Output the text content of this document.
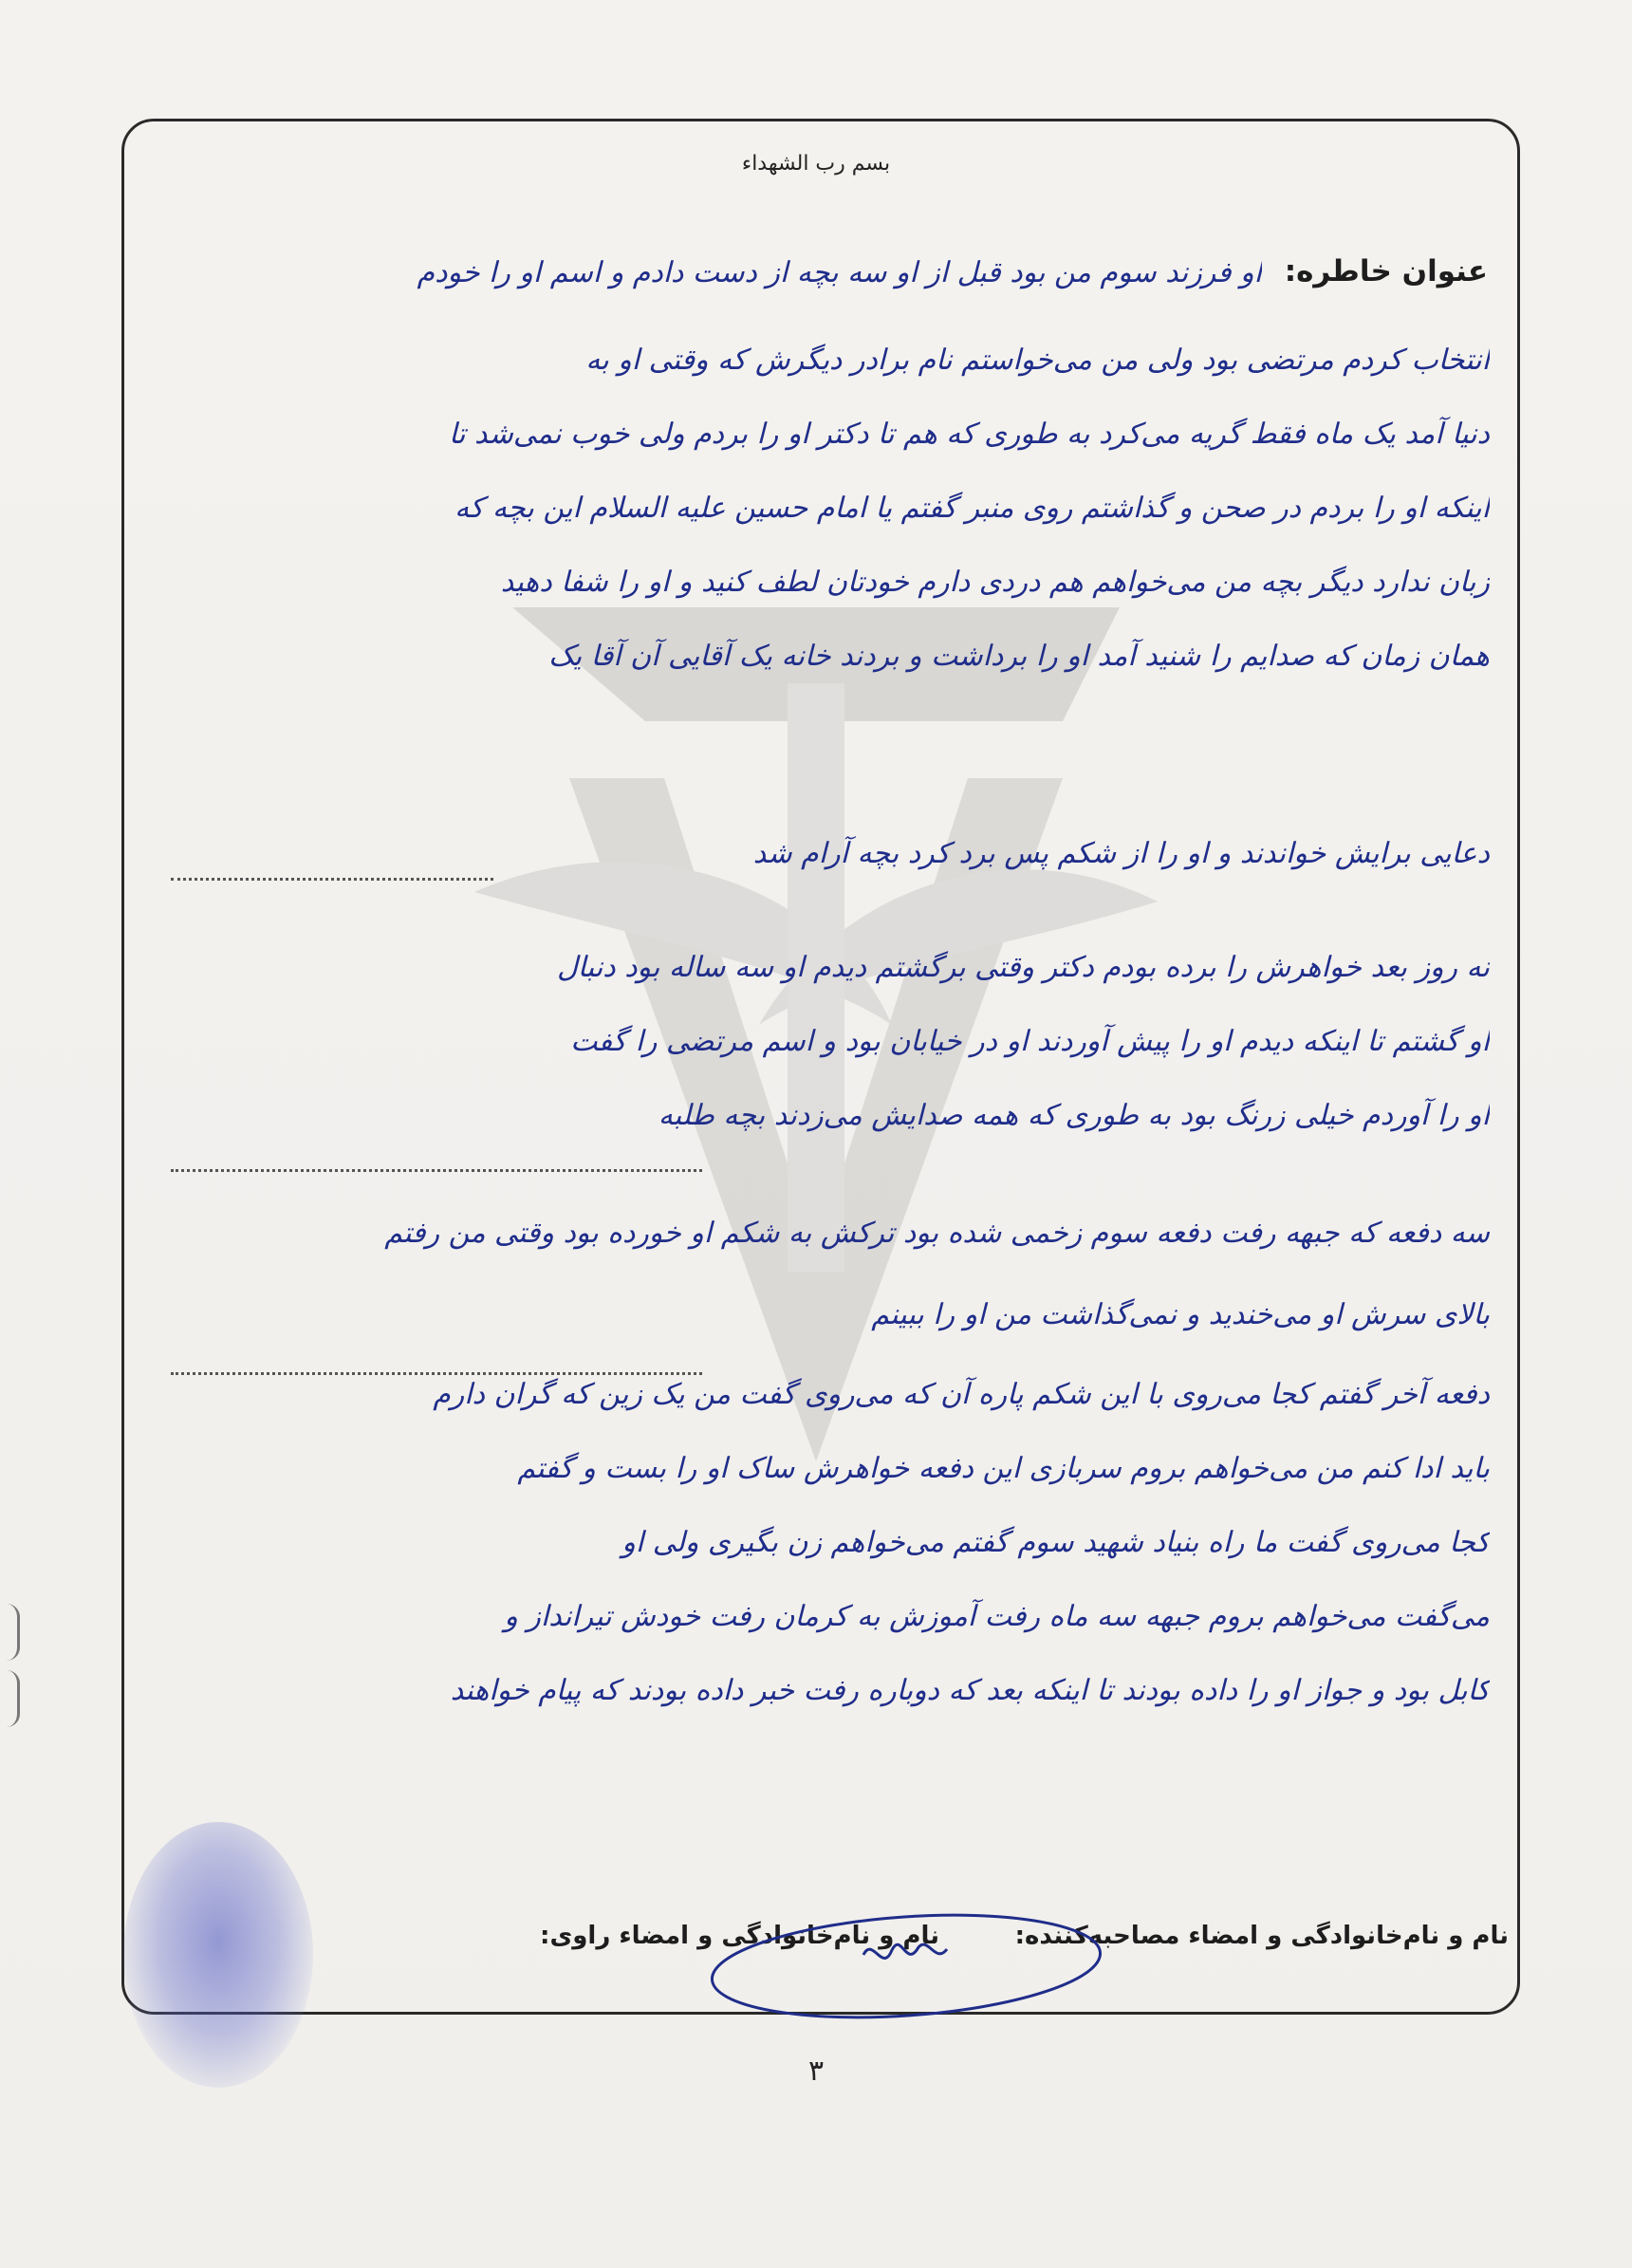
بسم رب الشهداء
عنوان خاطره:
او فرزند سوم من بود قبل از او سه بچه از دست دادم و اسم او را خودم
انتخاب کردم مرتضی بود ولی من می‌خواستم نام برادر دیگرش که وقتی او به
دنیا آمد یک ماه فقط گریه می‌کرد به طوری که هم تا دکتر او را بردم ولی خوب نمی‌شد تا
اینکه او را بردم در صحن و گذاشتم روی منبر گفتم یا امام حسین علیه السلام این بچه که
زبان ندارد دیگر بچه من می‌خواهم هم دردی دارم خودتان لطف کنید و او را شفا دهید
همان زمان که صدایم را شنید آمد او را برداشت و بردند خانه یک آقایی آن آقا یک
دعایی برایش خواندند و او را از شکم پس برد کرد بچه آرام شد
نه روز بعد خواهرش را برده بودم دکتر وقتی برگشتم دیدم او سه ساله بود دنبال
او گشتم تا اینکه دیدم او را پیش آوردند او در خیابان بود و اسم مرتضی را گفت
او را آوردم خیلی زرنگ بود به طوری که همه صدایش می‌زدند بچه طلبه
سه دفعه که جبهه رفت دفعه سوم زخمی شده بود ترکش به شکم او خورده بود وقتی من رفتم
بالای سرش او می‌خندید و نمی‌گذاشت من او را ببینم
دفعه آخر گفتم کجا می‌روی با این شکم پاره آن که می‌روی گفت من یک زین که گران دارم
باید ادا کنم من می‌خواهم بروم سربازی این دفعه خواهرش ساک او را بست و گفتم
کجا می‌روی گفت ما راه بنیاد شهید سوم گفتم می‌خواهم زن بگیری ولی او
می‌گفت می‌خواهم بروم جبهه سه ماه رفت آموزش به کرمان رفت خودش تیرانداز و
کابل بود و جواز او را داده بودند تا اینکه بعد که دوباره رفت خبر داده بودند که پیام خواهند
نام و نام‌خانوادگی و امضاء مصاحبه‌کننده:
نام و نام‌خانوادگی و امضاء راوی:
۳
